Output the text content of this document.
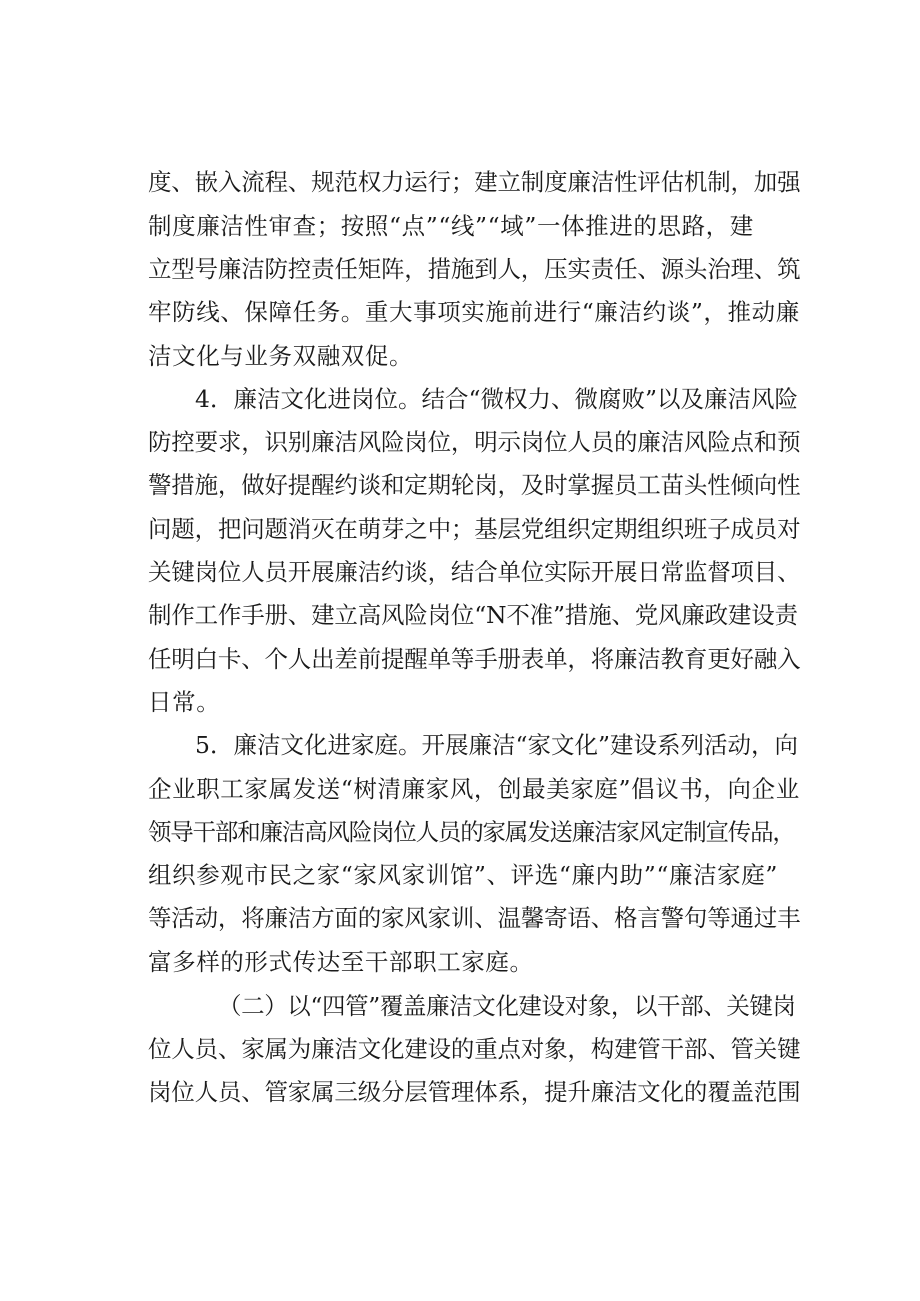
度、嵌入流程、规范权力运行；建立制度廉洁性评估机制，加强
制度廉洁性审查；按照“点”“线”“域”一体推进的思路，建
立型号廉洁防控责任矩阵，措施到人，压实责任、源头治理、筑
牢防线、保障任务。重大事项实施前进行“廉洁约谈”，推动廉
洁文化与业务双融双促。
4．廉洁文化进岗位。结合“微权力、微腐败”以及廉洁风险
防控要求，识别廉洁风险岗位，明示岗位人员的廉洁风险点和预
警措施，做好提醒约谈和定期轮岗，及时掌握员工苗头性倾向性
问题，把问题消灭在萌芽之中；基层党组织定期组织班子成员对
关键岗位人员开展廉洁约谈，结合单位实际开展日常监督项目、
制作工作手册、建立高风险岗位“N不准”措施、党风廉政建设责
任明白卡、个人出差前提醒单等手册表单，将廉洁教育更好融入
日常。
5．廉洁文化进家庭。开展廉洁“家文化”建设系列活动，向
企业职工家属发送“树清廉家风，创最美家庭”倡议书，向企业
领导干部和廉洁高风险岗位人员的家属发送廉洁家风定制宣传品，
组织参观市民之家“家风家训馆”、评选“廉内助”“廉洁家庭”
等活动，将廉洁方面的家风家训、温馨寄语、格言警句等通过丰
富多样的形式传达至干部职工家庭。
（二）以“四管”覆盖廉洁文化建设对象，以干部、关键岗
位人员、家属为廉洁文化建设的重点对象，构建管干部、管关键
岗位人员、管家属三级分层管理体系，提升廉洁文化的覆盖范围
